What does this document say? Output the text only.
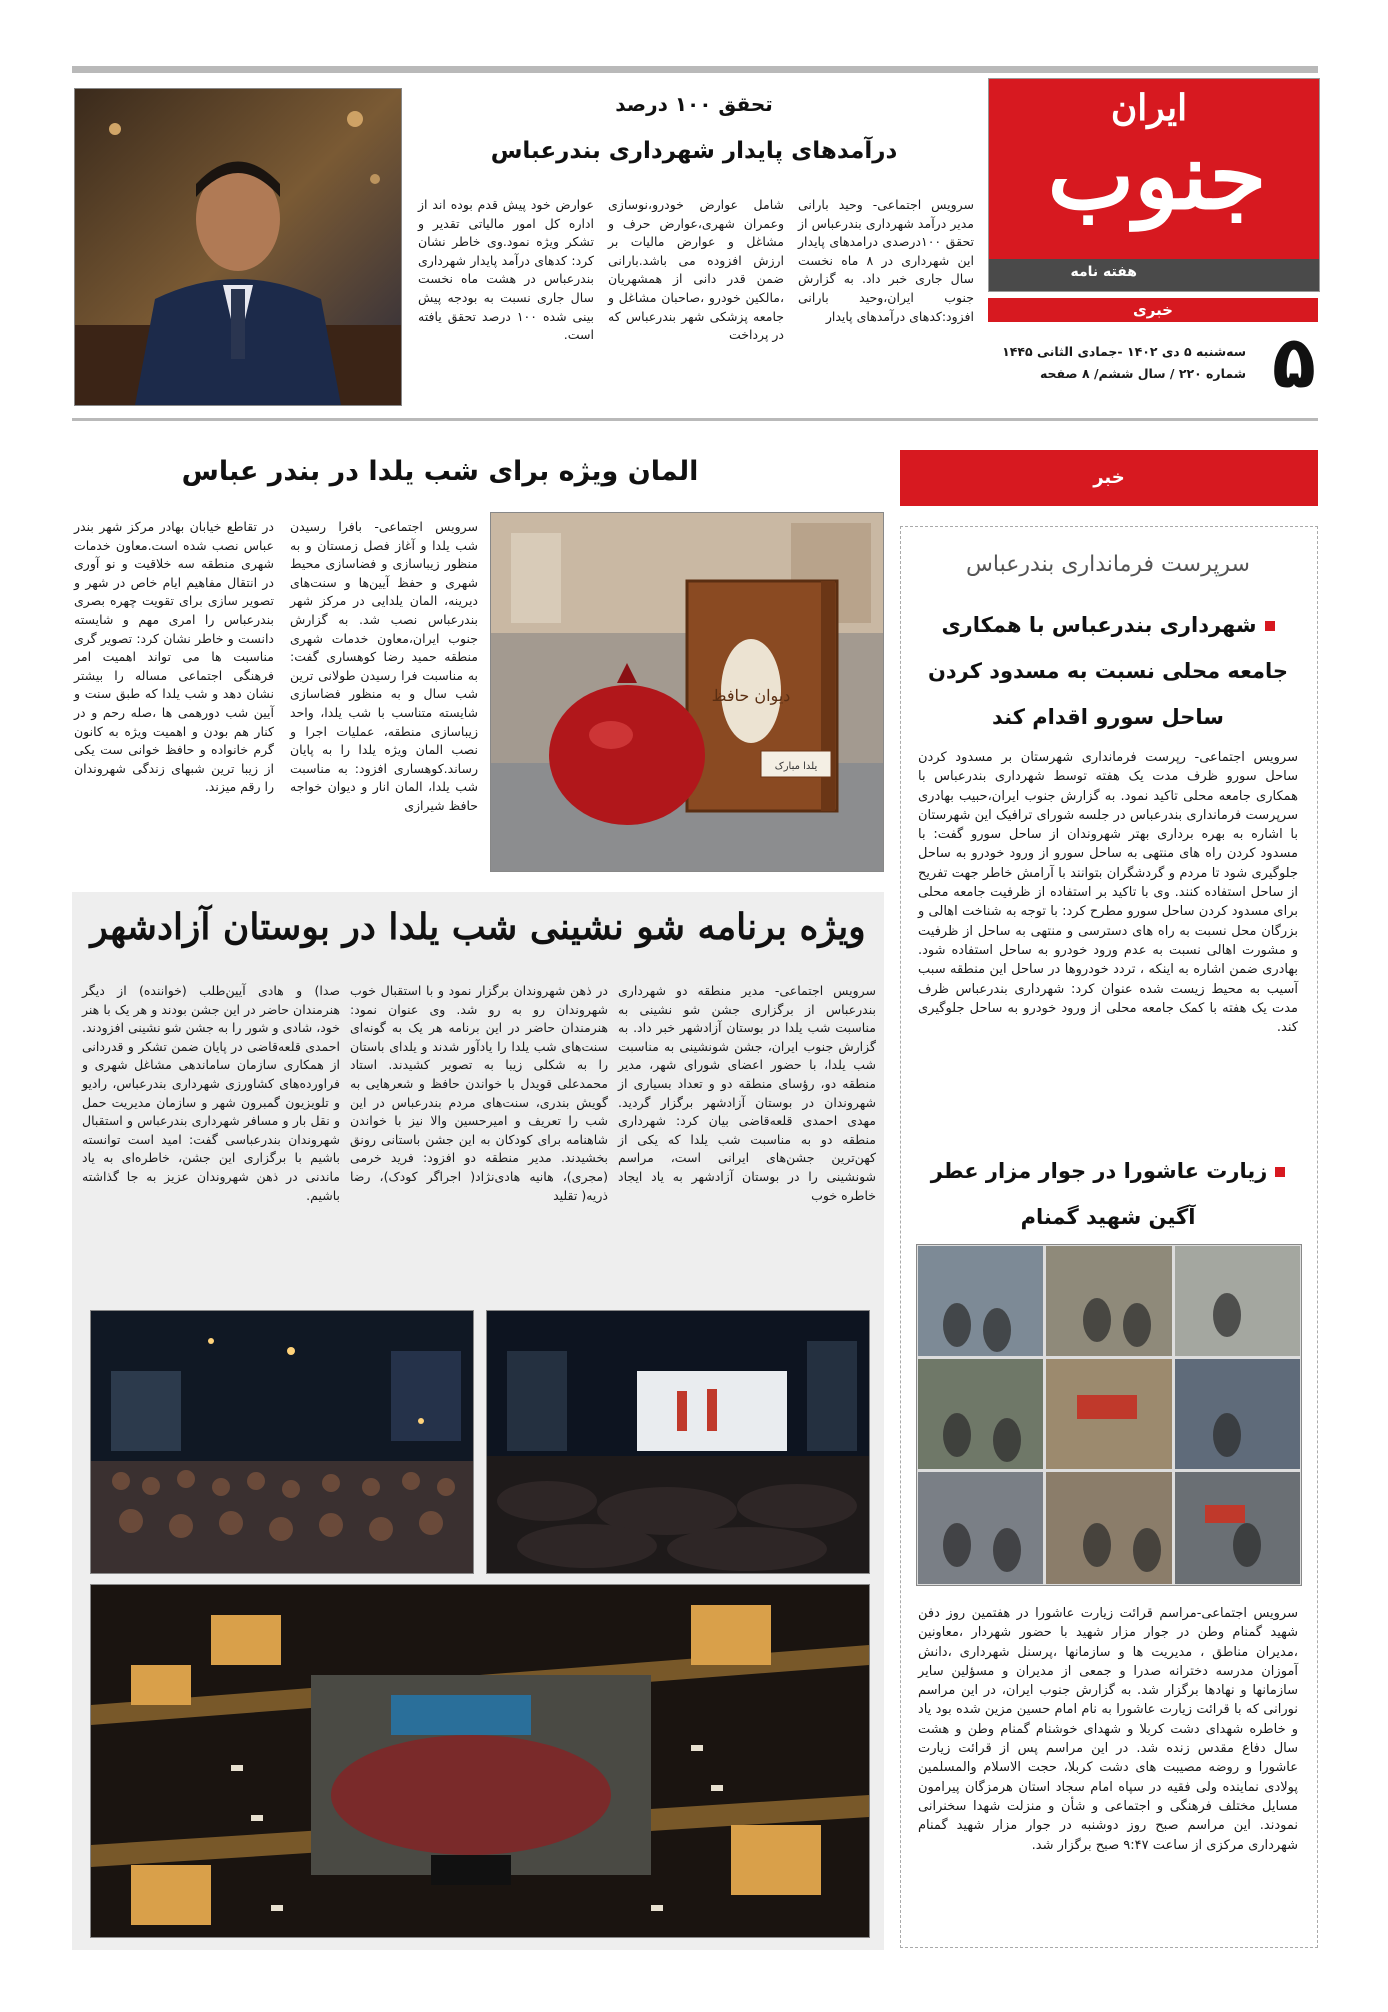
ایران
جنوب
هفته نامه
خبری
۵
سه‌شنبه ۵ دی ۱۴۰۲ -جمادی الثانی ۱۴۴۵
شماره ۲۲۰ / سال ششم/ ۸ صفحه
تحقق ۱۰۰ درصد
درآمدهای پایدار شهرداری بندرعباس

سرویس اجتماعی- وحید بارانی مدیر درآمد شهرداری بندرعباس از تحقق ۱۰۰درصدی درامدهای پایدار این شهرداری در ۸ ماه نخست سال جاری خبر داد. به گزارش جنوب ایران،وحید بارانی افزود:کدهای درآمدهای پایدار

شامل عوارض خودرو،نوسازی وعمران شهری،عوارض حرف و مشاغل و عوارض مالیات بر ارزش افزوده می باشد.بارانی ضمن قدر دانی از همشهریان ،مالکین خودرو ،صاحبان مشاغل و جامعه پزشکی شهر بندرعباس که در پرداخت

عوارض خود پیش قدم بوده اند از اداره کل امور مالیاتی تقدیر و تشکر ویژه نمود.وی خاطر نشان کرد: کدهای درآمد پایدار شهرداری بندرعباس در هشت ماه نخست سال جاری نسبت به بودجه پیش بینی شده ۱۰۰ درصد تحقق یافته است.

خبر
سرپرست فرمانداری بندرعباس
شهرداری بندرعباس با همکاری جامعه محلی نسبت به مسدود کردن ساحل سورو اقدام کند

سرویس اجتماعی- رپرست فرمانداری شهرستان بر مسدود کردن ساحل سورو ظرف مدت یک هفته توسط شهرداری بندرعباس با همکاری جامعه محلی تاکید نمود. به گزارش جنوب ایران،حبیب بهادری سرپرست فرمانداری بندرعباس در جلسه شورای ترافیک این شهرستان با اشاره به بهره برداری بهتر شهروندان از ساحل سورو گفت: با مسدود کردن راه های منتهی به ساحل سورو از ورود خودرو به ساحل جلوگیری شود تا مردم و گردشگران بتوانند با آرامش خاطر جهت تفریح از ساحل استفاده کنند. وی با تاکید بر استفاده از ظرفیت جامعه محلی برای مسدود کردن ساحل سورو مطرح کرد: با توجه به شناخت اهالی و بزرگان محل نسبت به راه های دسترسی و منتهی به ساحل از ظرفیت و مشورت اهالی نسبت به عدم ورود خودرو به ساحل استفاده شود. بهادری ضمن اشاره به اینکه ، تردد خودروها در ساحل این منطقه سبب آسیب به محیط زیست شده عنوان کرد: شهرداری بندرعباس ظرف مدت یک هفته با کمک جامعه محلی از ورود خودرو به ساحل جلوگیری کند.

زیارت عاشورا در جوار مزار عطر آگین شهید گمنام

سرویس اجتماعی-مراسم قرائت زیارت عاشورا در هفتمین روز دفن شهید گمنام وطن در جوار مزار شهید با حضور شهردار ،معاونین ،مدیران مناطق ، مدیریت ها و سازمانها ،پرسنل شهرداری ،دانش آموزان مدرسه دخترانه صدرا و جمعی از مدیران و مسؤلین سایر سازمانها و نهادها برگزار شد. به گزارش جنوب ایران، در این مراسم نورانی که با قرائت زیارت عاشورا به نام امام حسین مزین شده بود یاد و خاطره شهدای دشت کربلا و شهدای خوشنام گمنام وطن و هشت سال دفاع مقدس زنده شد. در این مراسم پس از قرائت زیارت عاشورا و روضه مصیبت های دشت کربلا، حجت الاسلام والمسلمین پولادی نماینده ولی فقیه در سپاه امام سجاد استان هرمزگان پیرامون مسایل مختلف فرهنگی و اجتماعی و شأن و منزلت شهدا سخنرانی نمودند. این مراسم صبح روز دوشنبه در جوار مزار شهید گمنام شهرداری مرکزی از ساعت ۹:۴۷ صبح برگزار شد.

المان ویژه برای شب یلدا در بندر عباس
دیوان حافظ
یلدا مبارک

سرویس اجتماعی- بافرا رسیدن شب یلدا و آغاز فصل زمستان و به منظور زیباسازی و فضاسازی محیط شهری و حفظ آیین‌ها و سنت‌های دیرینه، المان یلدایی در مرکز شهر بندرعباس نصب شد. به گزارش جنوب ایران،معاون خدمات شهری منطقه حمید رضا کوهساری گفت: به مناسبت فرا رسیدن طولانی ترین شب سال و به منظور فضاسازی شایسته متناسب با شب یلدا، واحد زیباسازی منطقه، عملیات اجرا و نصب المان ویژه یلدا را به پایان رساند.کوهساری افزود: به مناسبت شب یلدا، المان انار و دیوان خواجه حافظ شیرازی

در تقاطع خیابان بهادر مرکز شهر بندر عباس نصب شده است.معاون خدمات شهری منطقه سه خلاقیت و نو آوری در انتقال مفاهیم ایام خاص در شهر و تصویر سازی برای تقویت چهره بصری بندرعباس را امری مهم و شایسته دانست و خاطر نشان کرد: تصویر گری مناسبت ها می تواند اهمیت امر فرهنگی اجتماعی مساله را بیشتر نشان دهد و شب یلدا که طبق سنت و آیین شب دورهمی ها ،صله رحم و در کنار هم بودن و اهمیت ویژه به کانون گرم خانواده و حافظ خوانی ست یکی از زیبا ترین شبهای زندگی شهروندان را رقم میزند.

ویژه برنامه شو نشینی شب یلدا در بوستان آزادشهر

سرویس اجتماعی- مدیر منطقه دو شهرداری بندرعباس از برگزاری جشن شو نشینی به مناسبت شب یلدا در بوستان آزادشهر خبر داد. به گزارش جنوب ایران، جشن شونشینی به مناسبت شب یلدا، با حضور اعضای شورای شهر، مدیر منطقه دو، رؤسای منطقه دو و تعداد بسیاری از شهروندان در بوستان آزادشهر برگزار گردید. مهدی احمدی قلعه‌قاضی بیان کرد: شهرداری منطقه دو به مناسبت شب یلدا که یکی از کهن‌ترین جشن‌های ایرانی است، مراسم شونشینی را در بوستان آزادشهر به یاد ایجاد خاطره خوب

در ذهن شهروندان برگزار نمود و با استقبال خوب شهروندان رو به رو شد. وی عنوان نمود: هنرمندان حاضر در این برنامه هر یک به گونه‌ای سنت‌های شب یلدا را یادآور شدند و یلدای باستان را به شکلی زیبا به تصویر کشیدند. استاد محمدعلی قویدل با خواندن حافظ و شعرهایی به گویش بندری، سنت‌های مردم بندرعباس در این شب را تعریف و امیرحسین والا نیز با خواندن شاهنامه برای کودکان به این جشن باستانی رونق بخشیدند. مدیر منطقه دو افزود: فرید خرمی (مجری)، هانیه هادی‌نژاد( اجراگر کودک)، رضا ذریه( تقلید

صدا) و هادی آیین‌طلب (خواننده) از دیگر هنرمندان حاضر در این جشن بودند و هر یک با هنر خود، شادی و شور را به جشن شو نشینی افزودند. احمدی قلعه‌قاضی در پایان ضمن تشکر و قدردانی از همکاری سازمان ساماندهی مشاغل شهری و فراورده‌های کشاورزی شهرداری بندرعباس، رادیو و تلویزیون گمبرون شهر و سازمان مدیریت حمل و نقل بار و مسافر شهرداری بندرعباس و استقبال شهروندان بندرعباسی گفت: امید است توانسته باشیم با برگزاری این جشن، خاطره‌ای به یاد ماندنی در ذهن شهروندان عزیز به جا گذاشته باشیم.
